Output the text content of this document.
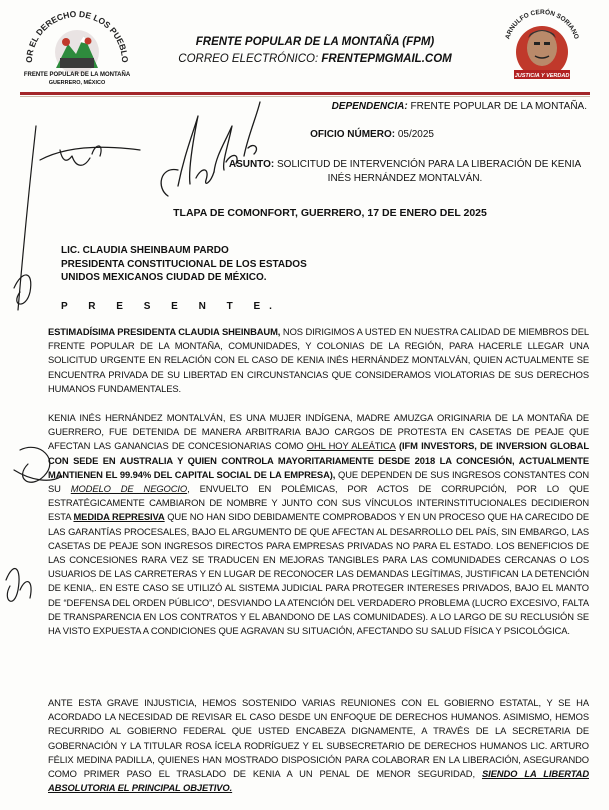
OR EL DERECHO DE LOS PUEBLO
FRENTE POPULAR DE LA MONTAÑA
GUERRERO, MÉXICO
FRENTE POPULAR DE LA MONTAÑA (FPM)
CORREO ELECTRÓNICO: FRENTEPMGMAIL.COM
ARNULFO CERÓN SORIANO
JUSTICIA Y VERDAD
DEPENDENCIA: FRENTE POPULAR DE LA MONTAÑA.
OFICIO NÚMERO: 05/2025
ASUNTO: SOLICITUD DE INTERVENCIÓN PARA LA LIBERACIÓN DE KENIA INÉS HERNÁNDEZ MONTALVÁN.
TLAPA DE COMONFORT, GUERRERO, 17 DE ENERO DEL 2025
LIC. CLAUDIA SHEINBAUM PARDO
PRESIDENTA CONSTITUCIONAL DE LOS ESTADOS
UNIDOS MEXICANOS CIUDAD DE MÉXICO.
P R E S E N T E.
ESTIMADÍSIMA PRESIDENTA CLAUDIA SHEINBAUM, NOS DIRIGIMOS A USTED EN NUESTRA CALIDAD DE MIEMBROS DEL FRENTE POPULAR DE LA MONTAÑA, COMUNIDADES, Y COLONIAS DE LA REGIÓN, PARA HACERLE LLEGAR UNA SOLICITUD URGENTE EN RELACIÓN CON EL CASO DE KENIA INÉS HERNÁNDEZ MONTALVÁN, QUIEN ACTUALMENTE SE ENCUENTRA PRIVADA DE SU LIBERTAD EN CIRCUNSTANCIAS QUE CONSIDERAMOS VIOLATORIAS DE SUS DERECHOS HUMANOS FUNDAMENTALES.
KENIA INÉS HERNÁNDEZ MONTALVÁN, ES UNA MUJER INDÍGENA, MADRE AMUZGA ORIGINARIA DE LA MONTAÑA DE GUERRERO, FUE DETENIDA DE MANERA ARBITRARIA BAJO CARGOS DE PROTESTA EN CASETAS DE PEAJE QUE AFECTAN LAS GANANCIAS DE CONCESIONARIAS COMO OHL HOY ALEÁTICA (IFM INVESTORS, DE INVERSION GLOBAL CON SEDE EN AUSTRALIA Y QUIEN CONTROLA MAYORITARIAMENTE DESDE 2018 LA CONCESIÓN, ACTUALMENTE MANTIENEN EL 99.94% DEL CAPITAL SOCIAL DE LA EMPRESA), QUE DEPENDEN DE SUS INGRESOS CONSTANTES CON SU MODELO DE NEGOCIO, ENVUELTO EN POLÉMICAS, POR ACTOS DE CORRUPCIÓN, POR LO QUE ESTRATÉGICAMENTE CAMBIARON DE NOMBRE Y JUNTO CON SUS VÍNCULOS INTERINSTITUCIONALES DECIDIERON ESTA MEDIDA REPRESIVA QUE NO HAN SIDO DEBIDAMENTE COMPROBADOS Y EN UN PROCESO QUE HA CARECIDO DE LAS GARANTÍAS PROCESALES, BAJO EL ARGUMENTO DE QUE AFECTAN AL DESARROLLO DEL PAÍS, SIN EMBARGO, LAS CASETAS DE PEAJE SON INGRESOS DIRECTOS PARA EMPRESAS PRIVADAS NO PARA EL ESTADO. LOS BENEFICIOS DE LAS CONCESIONES RARA VEZ SE TRADUCEN EN MEJORAS TANGIBLES PARA LAS COMUNIDADES CERCANAS O LOS USUARIOS DE LAS CARRETERAS Y EN LUGAR DE RECONOCER LAS DEMANDAS LEGÍTIMAS, JUSTIFICAN LA DETENCIÓN DE KENIA,. EN ESTE CASO SE UTILIZÓ AL SISTEMA JUDICIAL PARA PROTEGER INTERESES PRIVADOS, BAJO EL MANTO DE “DEFENSA DEL ORDEN PÚBLICO”, DESVIANDO LA ATENCIÓN DEL VERDADERO PROBLEMA (LUCRO EXCESIVO, FALTA DE TRANSPARENCIA EN LOS CONTRATOS Y EL ABANDONO DE LAS COMUNIDADES). A LO LARGO DE SU RECLUSIÓN SE HA VISTO EXPUESTA A CONDICIONES QUE AGRAVAN SU SITUACIÓN, AFECTANDO SU SALUD FÍSICA Y PSICOLÓGICA.
ANTE ESTA GRAVE INJUSTICIA, HEMOS SOSTENIDO VARIAS REUNIONES CON EL GOBIERNO ESTATAL, Y SE HA ACORDADO LA NECESIDAD DE REVISAR EL CASO DESDE UN ENFOQUE DE DERECHOS HUMANOS. ASIMISMO, HEMOS RECURRIDO AL GOBIERNO FEDERAL QUE USTED ENCABEZA DIGNAMENTE, A TRAVÉS DE LA SECRETARIA DE GOBERNACIÓN Y LA TITULAR ROSA ÍCELA RODRÍGUEZ Y EL SUBSECRETARIO DE DERECHOS HUMANOS LIC. ARTURO FÉLIX MEDINA PADILLA, QUIENES HAN MOSTRADO DISPOSICIÓN PARA COLABORAR EN LA LIBERACIÓN, ASEGURANDO COMO PRIMER PASO EL TRASLADO DE KENIA A UN PENAL DE MENOR SEGURIDAD, SIENDO LA LIBERTAD ABSOLUTORIA EL PRINCIPAL OBJETIVO.
